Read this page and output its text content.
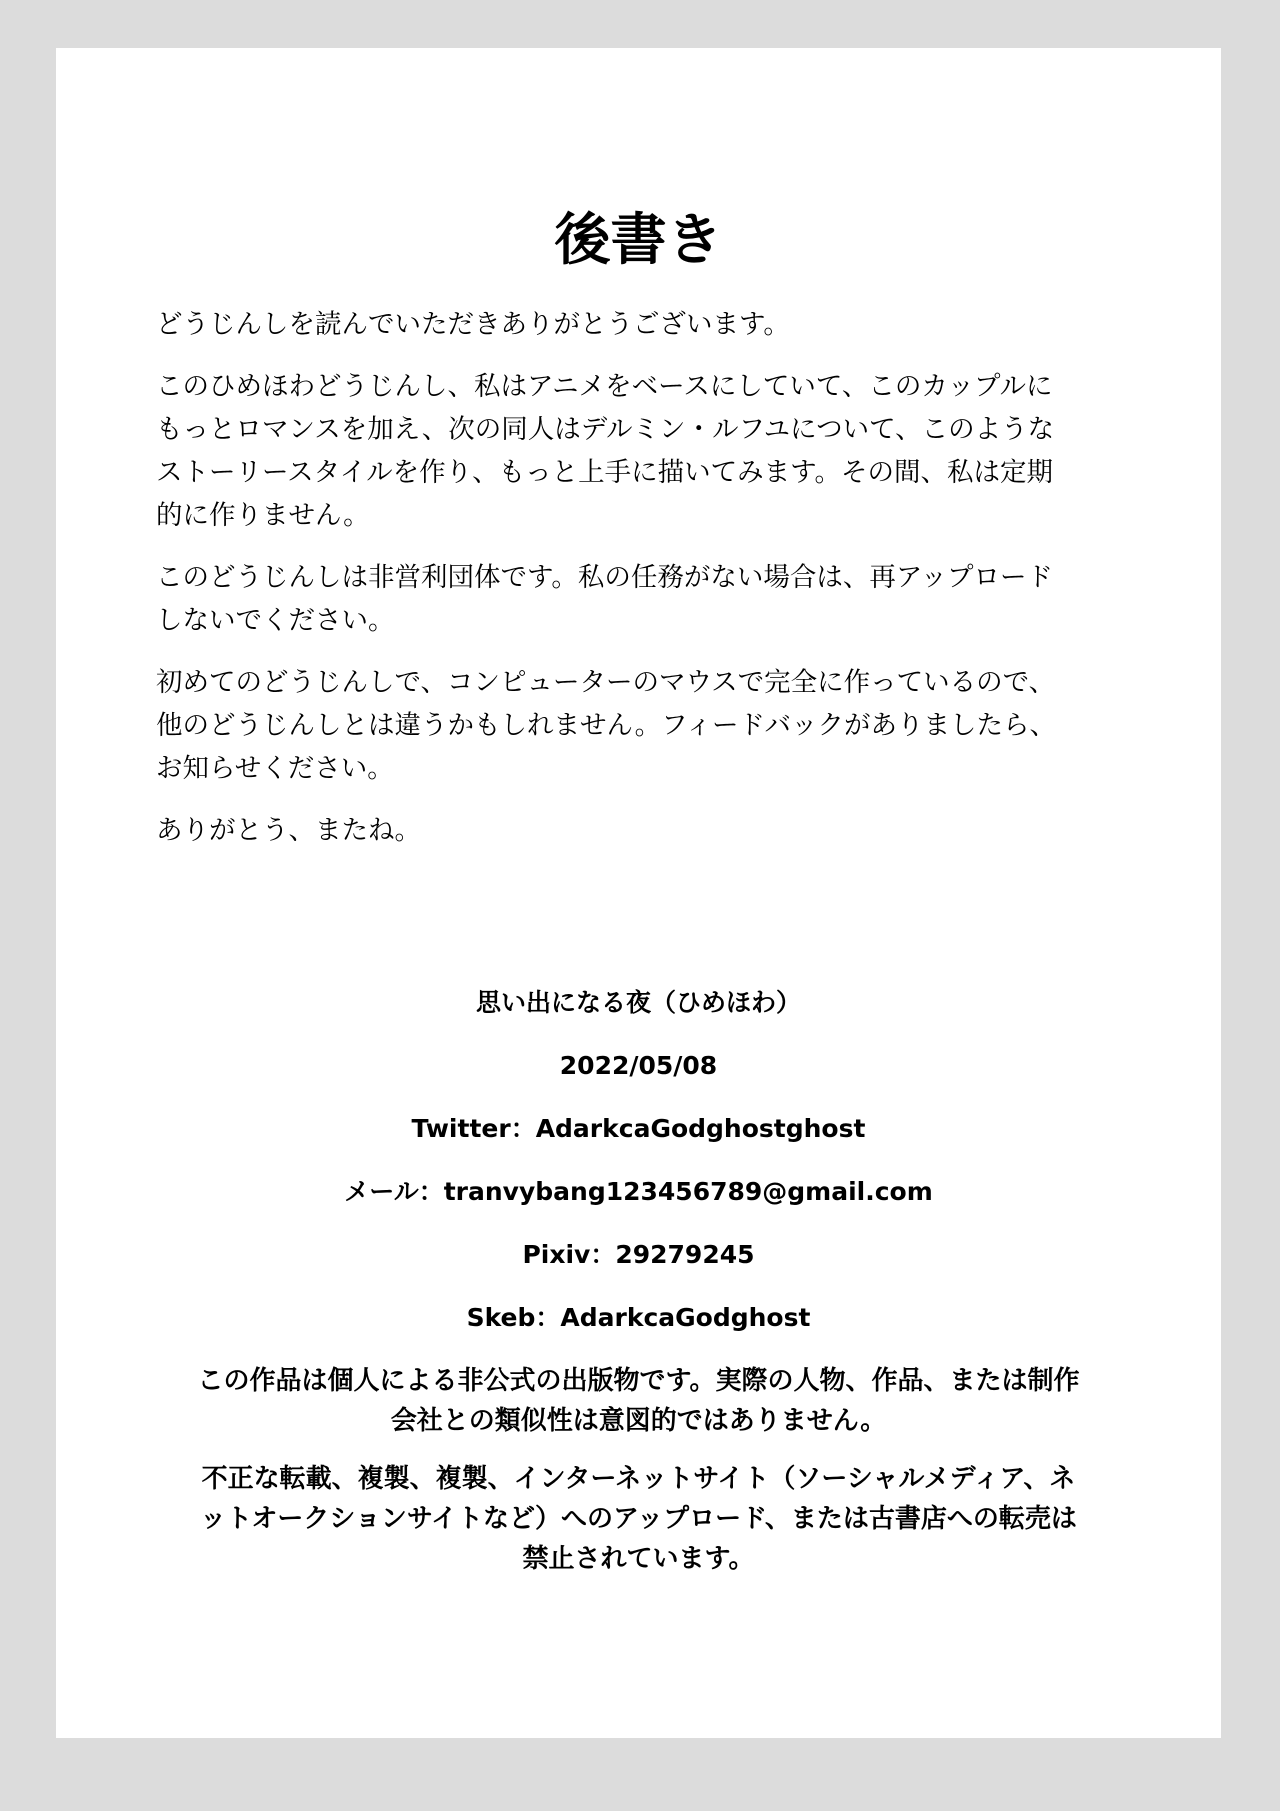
後書き

どうじんしを読んでいただきありがとうございます。

このひめほわどうじんし、私はアニメをベースにしていて、このカップルに
もっとロマンスを加え、次の同人はデルミン・ルフユについて、このような
ストーリースタイルを作り、もっと上手に描いてみます。その間、私は定期
的に作りません。

このどうじんしは非営利団体です。私の任務がない場合は、再アップロード
しないでください。

初めてのどうじんしで、コンピューターのマウスで完全に作っているので、
他のどうじんしとは違うかもしれません。フィードバックがありましたら、
お知らせください。

ありがとう、またね。

思い出になる夜（ひめほわ）
2022/05/08
Twitter：AdarkcaGodghostghost
メール：tranvybang123456789@gmail.com
Pixiv：29279245
Skeb：AdarkcaGodghost
この作品は個人による非公式の出版物です。実際の人物、作品、または制作
会社との類似性は意図的ではありません。
不正な転載、複製、複製、インターネットサイト（ソーシャルメディア、ネ
ットオークションサイトなど）へのアップロード、または古書店への転売は
禁止されています。
